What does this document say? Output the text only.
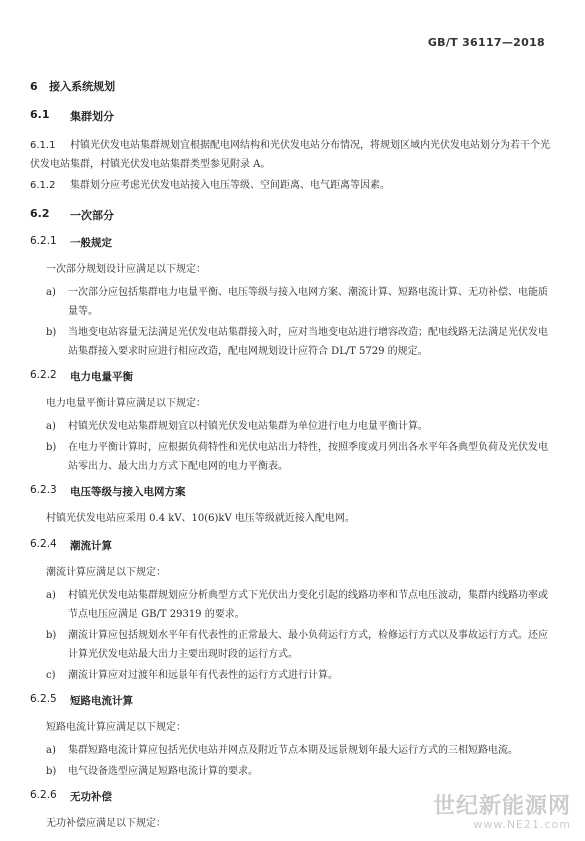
GB/T 36117—2018
6 接入系统规划
6.1	集群划分
6.1.1 村镇光伏发电站集群规划宜根据配电网结构和光伏发电站分布情况，将规划区域内光伏发电站划分为若干个光伏发电站集群，村镇光伏发电站集群类型参见附录 A。
6.1.2 集群划分应考虑光伏发电站接入电压等级、空间距离、电气距离等因素。
6.2	一次部分
6.2.1	一般规定
一次部分规划设计应满足以下规定：
a)	一次部分应包括集群电力电量平衡、电压等级与接入电网方案、潮流计算、短路电流计算、无功补偿、电能质量等。
b)	当地变电站容量无法满足光伏发电站集群接入时，应对当地变电站进行增容改造；配电线路无法满足光伏发电站集群接入要求时应进行相应改造，配电网规划设计应符合 DL/T 5729 的规定。
6.2.2	电力电量平衡
电力电量平衡计算应满足以下规定：
a)	村镇光伏发电站集群规划宜以村镇光伏发电站集群为单位进行电力电量平衡计算。
b)	在电力平衡计算时，应根据负荷特性和光伏电站出力特性，按照季度或月列出各水平年各典型负荷及光伏发电站零出力、最大出力方式下配电网的电力平衡表。
6.2.3	电压等级与接入电网方案
村镇光伏发电站应采用 0.4 kV、10(6)kV 电压等级就近接入配电网。
6.2.4	潮流计算
潮流计算应满足以下规定：
a)	村镇光伏发电站集群规划应分析典型方式下光伏出力变化引起的线路功率和节点电压波动，集群内线路功率或节点电压应满足 GB/T 29319 的要求。
b)	潮流计算应包括规划水平年有代表性的正常最大、最小负荷运行方式，检修运行方式以及事故运行方式。还应计算光伏发电站最大出力主要出现时段的运行方式。
c)	潮流计算应对过渡年和远景年有代表性的运行方式进行计算。
6.2.5	短路电流计算
短路电流计算应满足以下规定：
a)	集群短路电流计算应包括光伏电站并网点及附近节点本期及远景规划年最大运行方式的三相短路电流。
b)	电气设备选型应满足短路电流计算的要求。
6.2.6	无功补偿
无功补偿应满足以下规定：
世纪新能源网
www.NE21.com
